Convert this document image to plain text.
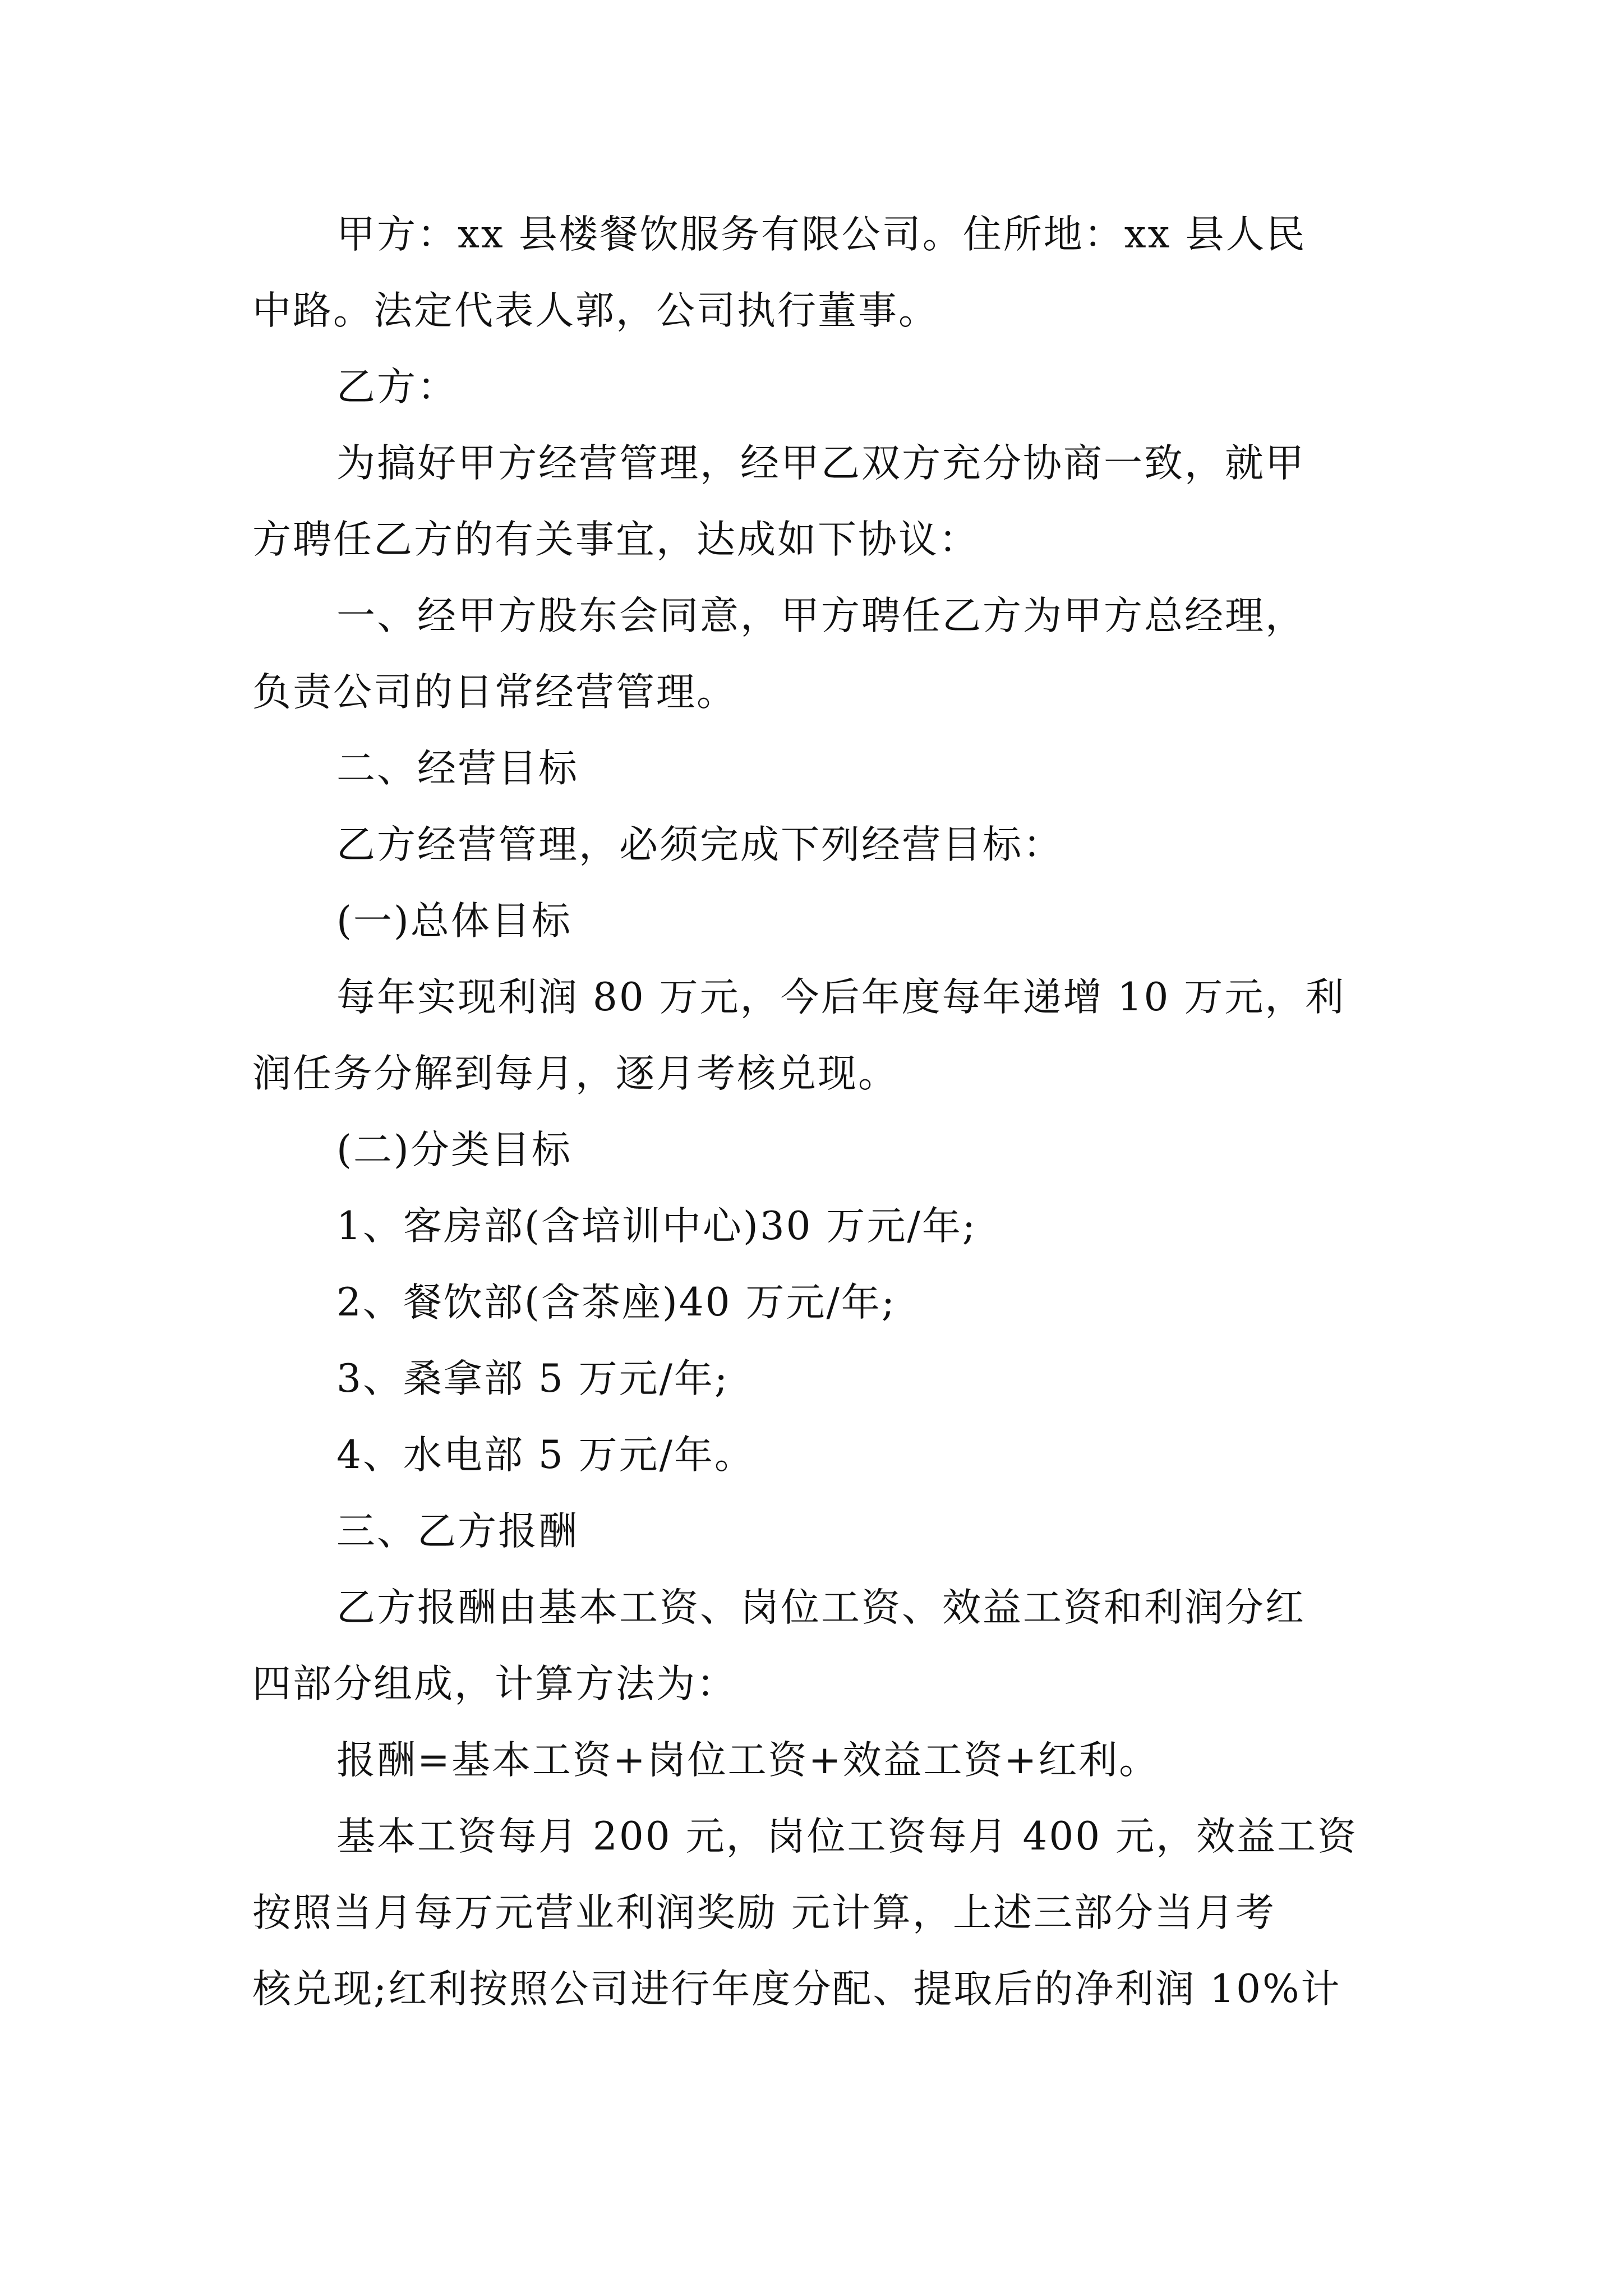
甲方：xx 县楼餐饮服务有限公司。住所地：xx 县人民
中路。法定代表人郭，公司执行董事。
乙方：
为搞好甲方经营管理，经甲乙双方充分协商一致，就甲
方聘任乙方的有关事宜，达成如下协议：
一、经甲方股东会同意，甲方聘任乙方为甲方总经理，
负责公司的日常经营管理。
二、经营目标
乙方经营管理，必须完成下列经营目标：
(一)总体目标
每年实现利润 80 万元，今后年度每年递增 10 万元，利
润任务分解到每月，逐月考核兑现。
(二)分类目标
1、客房部(含培训中心)30 万元/年;
2、餐饮部(含茶座)40 万元/年;
3、桑拿部 5 万元/年;
4、水电部 5 万元/年。
三、乙方报酬
乙方报酬由基本工资、岗位工资、效益工资和利润分红
四部分组成，计算方法为：
报酬=基本工资+岗位工资+效益工资+红利。
基本工资每月 200 元，岗位工资每月 400 元，效益工资
按照当月每万元营业利润奖励 元计算，上述三部分当月考
核兑现;红利按照公司进行年度分配、提取后的净利润 10%计
